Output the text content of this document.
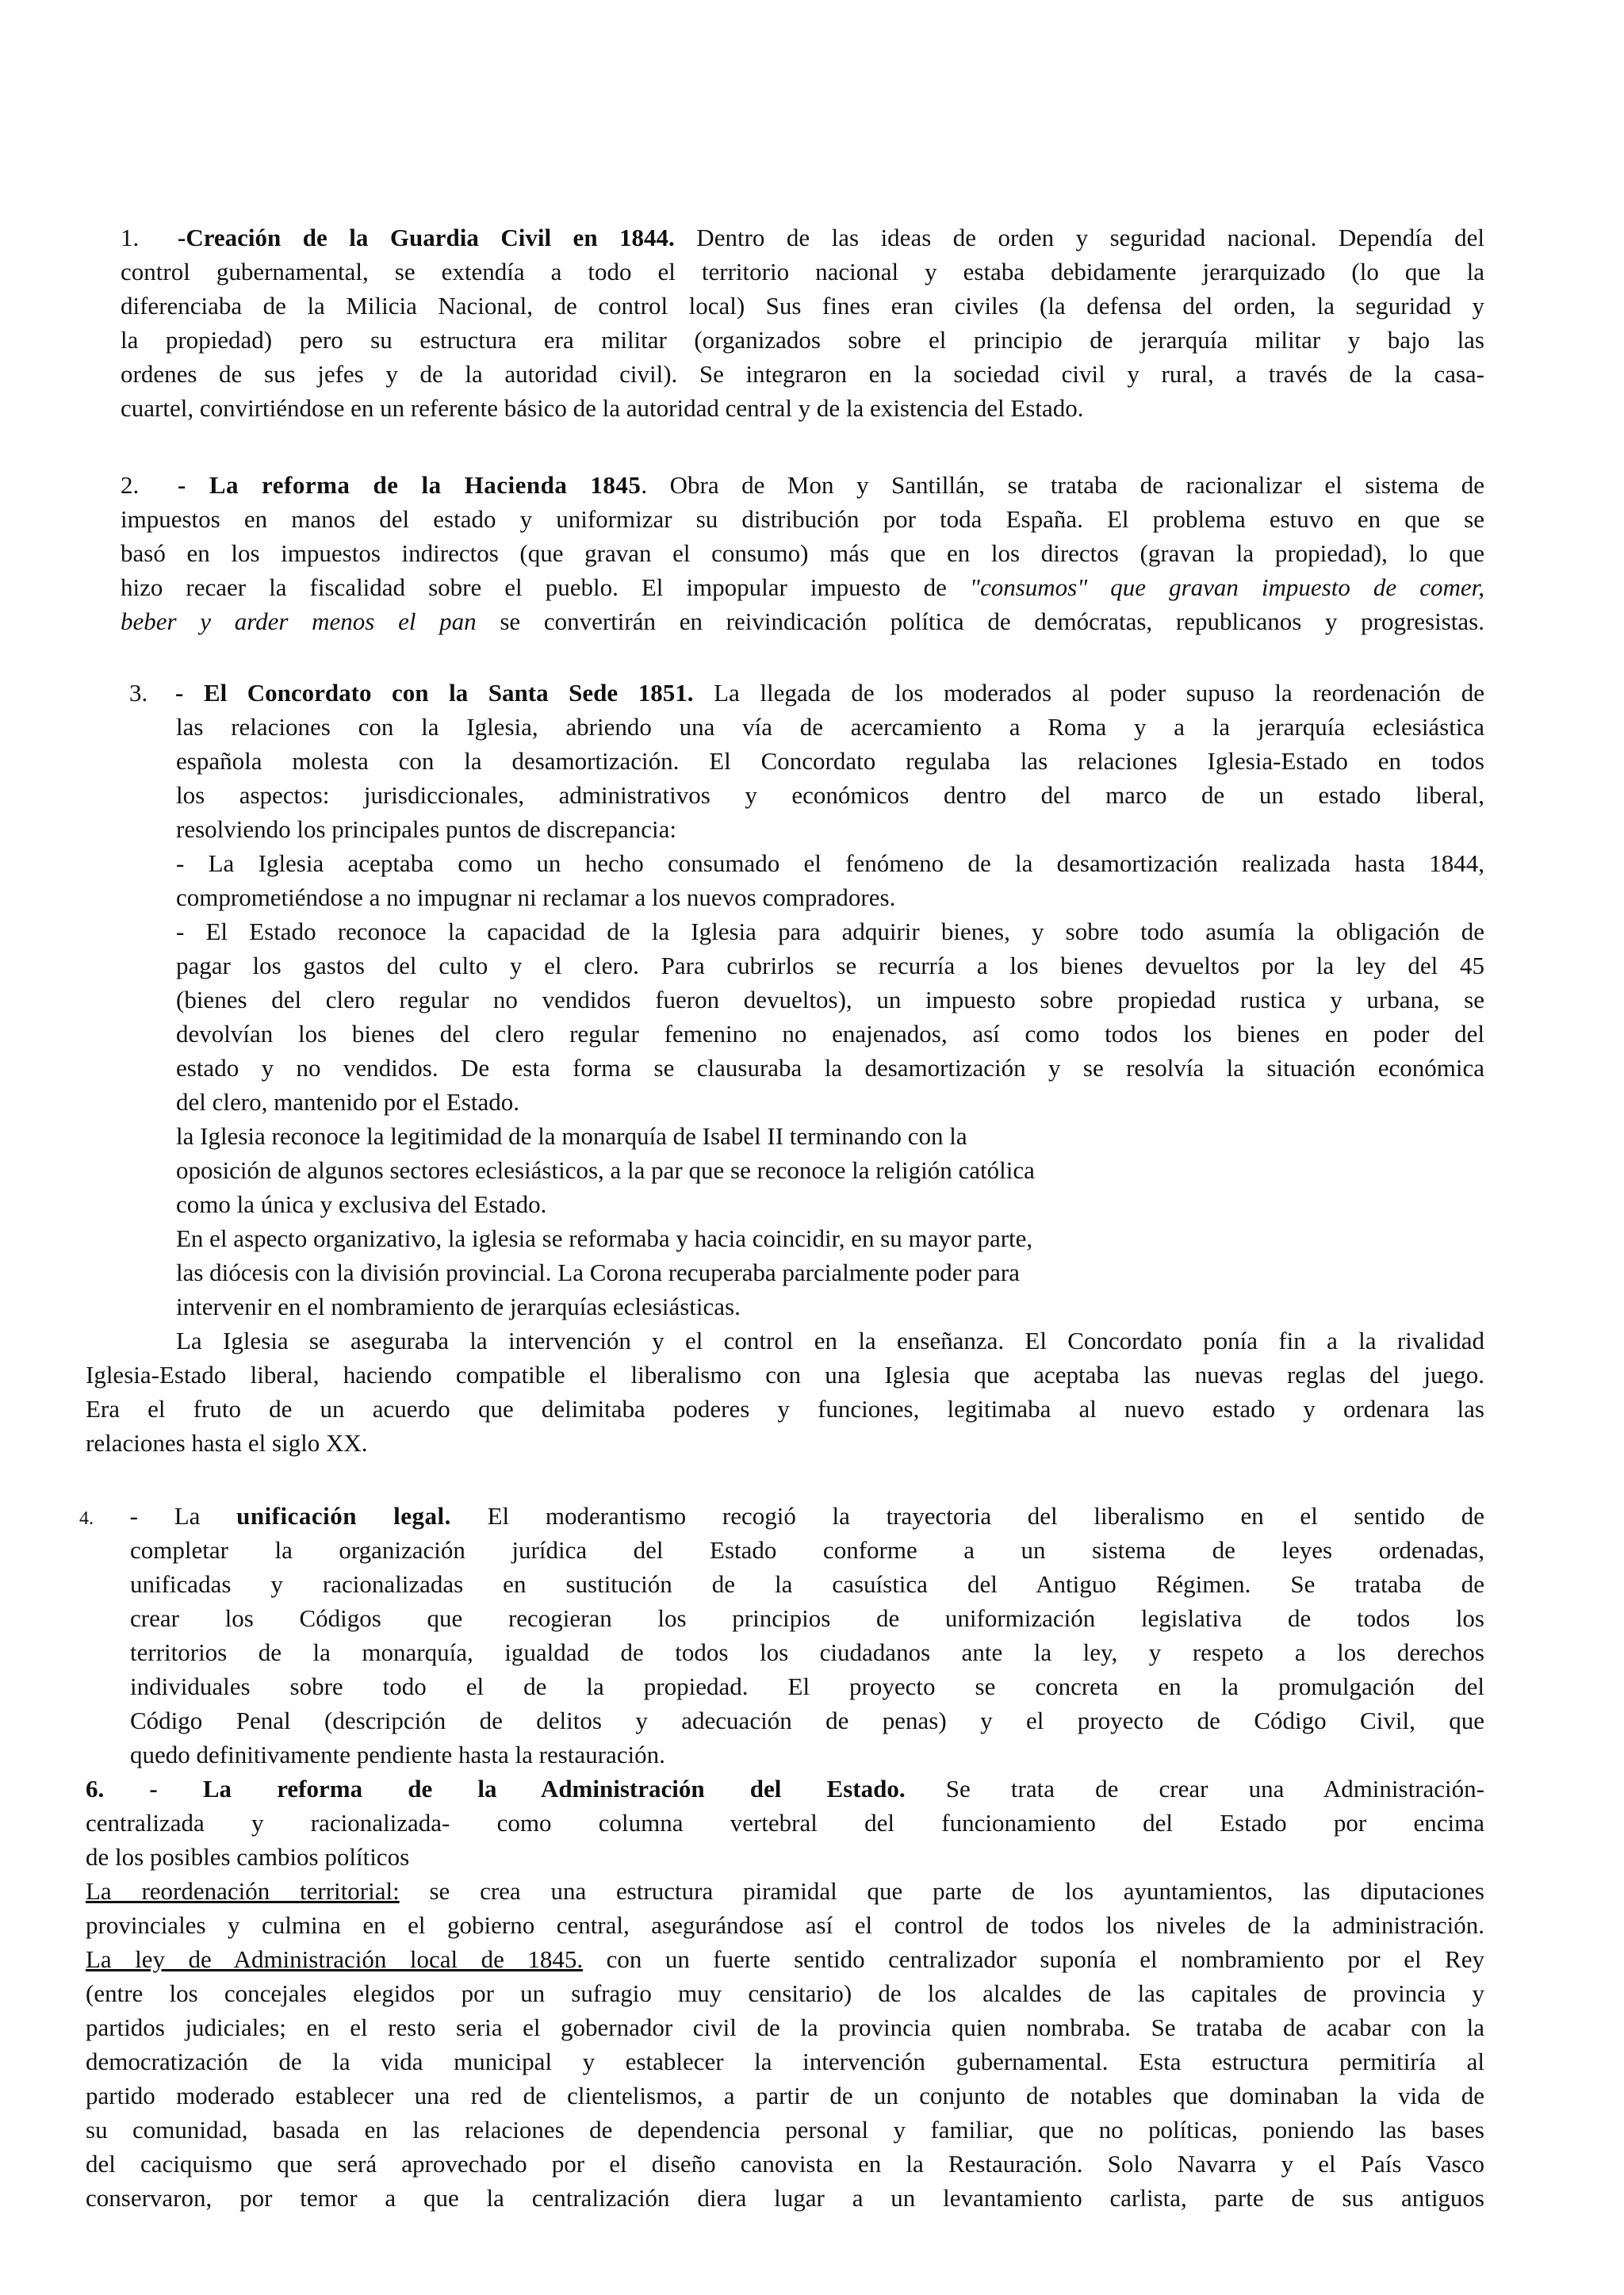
1. -Creación de la Guardia Civil en 1844. Dentro de las ideas de orden y seguridad nacional. Dependía del

control gubernamental, se extendía a todo el territorio nacional y estaba debidamente jerarquizado (lo que la

diferenciaba de la Milicia Nacional, de control local) Sus fines eran civiles (la defensa del orden, la seguridad y

la propiedad) pero su estructura era militar (organizados sobre el principio de jerarquía militar y bajo las

ordenes de sus jefes y de la autoridad civil). Se integraron en la sociedad civil y rural, a través de la casa-

cuartel, convirtiéndose en un referente básico de la autoridad central y de la existencia del Estado.

2. - La reforma de la Hacienda 1845. Obra de Mon y Santillán, se trataba de racionalizar el sistema de

impuestos en manos del estado y uniformizar su distribución por toda España. El problema estuvo en que se

basó en los impuestos indirectos (que gravan el consumo) más que en los directos (gravan la propiedad), lo que

hizo recaer la fiscalidad sobre el pueblo. El impopular impuesto de "consumos" que gravan impuesto de comer,

beber y arder menos el pan se convertirán en reivindicación política de demócratas, republicanos y progresistas.

3. - El Concordato con la Santa Sede 1851. La llegada de los moderados al poder supuso la reordenación de

las relaciones con la Iglesia, abriendo una vía de acercamiento a Roma y a la jerarquía eclesiástica

española molesta con la desamortización. El Concordato regulaba las relaciones Iglesia-Estado en todos

los aspectos: jurisdiccionales, administrativos y económicos dentro del marco de un estado liberal,

resolviendo los principales puntos de discrepancia:

- La Iglesia aceptaba como un hecho consumado el fenómeno de la desamortización realizada hasta 1844,

comprometiéndose a no impugnar ni reclamar a los nuevos compradores.

- El Estado reconoce la capacidad de la Iglesia para adquirir bienes, y sobre todo asumía la obligación de

pagar los gastos del culto y el clero. Para cubrirlos se recurría a los bienes devueltos por la ley del 45

(bienes del clero regular no vendidos fueron devueltos), un impuesto sobre propiedad rustica y urbana, se

devolvían los bienes del clero regular femenino no enajenados, así como todos los bienes en poder del

estado y no vendidos. De esta forma se clausuraba la desamortización y se resolvía la situación económica

del clero, mantenido por el Estado.

la Iglesia reconoce la legitimidad de la monarquía de Isabel II terminando con la

oposición de algunos sectores eclesiásticos, a la par que se reconoce la religión católica

como la única y exclusiva del Estado.

En el aspecto organizativo, la iglesia se reformaba y hacia coincidir, en su mayor parte,

las diócesis con la división provincial. La Corona recuperaba parcialmente poder para

intervenir en el nombramiento de jerarquías eclesiásticas.

La Iglesia se aseguraba la intervención y el control en la enseñanza. El Concordato ponía fin a la rivalidad

Iglesia-Estado liberal, haciendo compatible el liberalismo con una Iglesia que aceptaba las nuevas reglas del juego.

Era el fruto de un acuerdo que delimitaba poderes y funciones, legitimaba al nuevo estado y ordenara las

relaciones hasta el siglo XX.

4. - La unificación legal. El moderantismo recogió la trayectoria del liberalismo en el sentido de

completar la organización jurídica del Estado conforme a un sistema de leyes ordenadas,

unificadas y racionalizadas en sustitución de la casuística del Antiguo Régimen. Se trataba de

crear los Códigos que recogieran los principios de uniformización legislativa de todos los

territorios de la monarquía, igualdad de todos los ciudadanos ante la ley, y respeto a los derechos

individuales sobre todo el de la propiedad. El proyecto se concreta en la promulgación del

Código Penal (descripción de delitos y adecuación de penas) y el proyecto de Código Civil, que

quedo definitivamente pendiente hasta la restauración.

6. - La reforma de la Administración del Estado. Se trata de crear una Administración-

centralizada y racionalizada- como columna vertebral del funcionamiento del Estado por encima

de los posibles cambios políticos

La reordenación territorial: se crea una estructura piramidal que parte de los ayuntamientos, las diputaciones

provinciales y culmina en el gobierno central, asegurándose así el control de todos los niveles de la administración.

La ley de Administración local de 1845. con un fuerte sentido centralizador suponía el nombramiento por el Rey

(entre los concejales elegidos por un sufragio muy censitario) de los alcaldes de las capitales de provincia y

partidos judiciales; en el resto seria el gobernador civil de la provincia quien nombraba. Se trataba de acabar con la

democratización de la vida municipal y establecer la intervención gubernamental. Esta estructura permitiría al

partido moderado establecer una red de clientelismos, a partir de un conjunto de notables que dominaban la vida de

su comunidad, basada en las relaciones de dependencia personal y familiar, que no políticas, poniendo las bases

del caciquismo que será aprovechado por el diseño canovista en la Restauración. Solo Navarra y el País Vasco

conservaron, por temor a que la centralización diera lugar a un levantamiento carlista, parte de sus antiguos
